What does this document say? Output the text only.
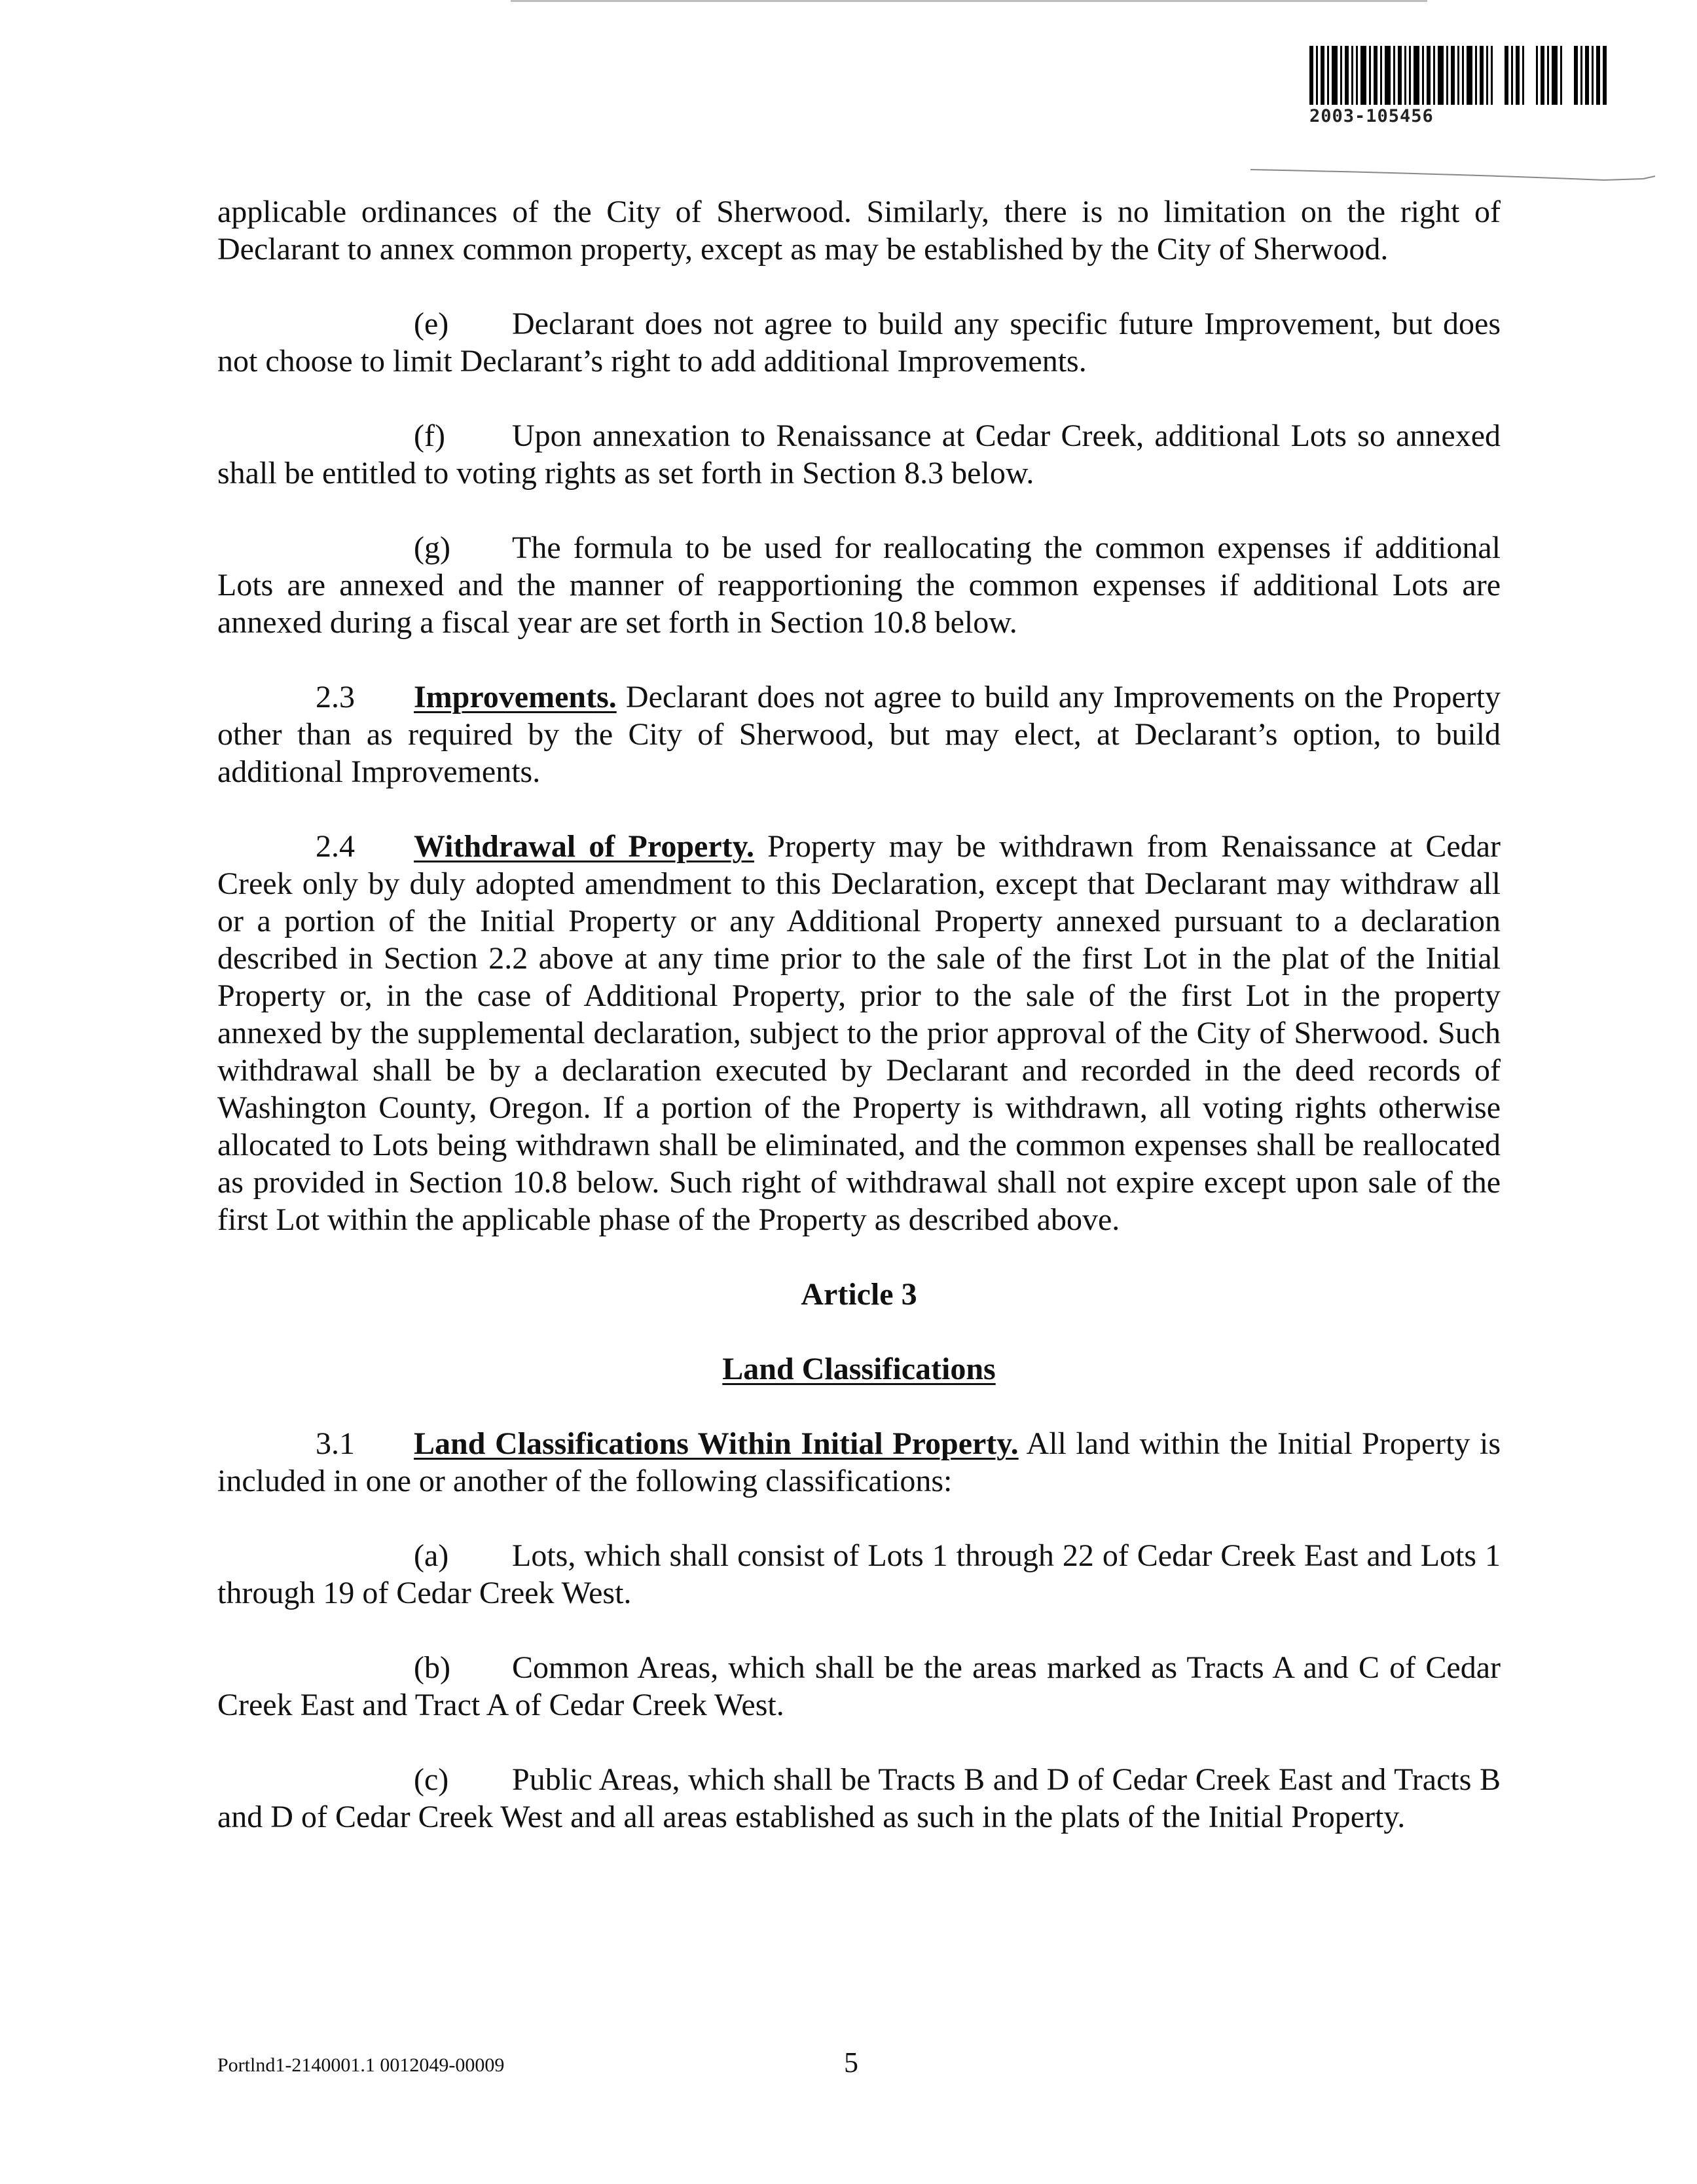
2003-105456

applicable ordinances of the City of Sherwood. Similarly, there is no limitation on the right of Declarant to annex common property, except as may be established by the City of Sherwood.

(e) Declarant does not agree to build any specific future Improvement, but does not choose to limit Declarant’s right to add additional Improvements.

(f) Upon annexation to Renaissance at Cedar Creek, additional Lots so annexed shall be entitled to voting rights as set forth in Section 8.3 below.

(g) The formula to be used for reallocating the common expenses if additional Lots are annexed and the manner of reapportioning the common expenses if additional Lots are annexed during a fiscal year are set forth in Section 10.8 below.

2.3 Improvements. Declarant does not agree to build any Improvements on the Property other than as required by the City of Sherwood, but may elect, at Declarant’s option, to build additional Improvements.

2.4 Withdrawal of Property. Property may be withdrawn from Renaissance at Cedar Creek only by duly adopted amendment to this Declaration, except that Declarant may withdraw all or a portion of the Initial Property or any Additional Property annexed pursuant to a declaration described in Section 2.2 above at any time prior to the sale of the first Lot in the plat of the Initial Property or, in the case of Additional Property, prior to the sale of the first Lot in the property annexed by the supplemental declaration, subject to the prior approval of the City of Sherwood. Such withdrawal shall be by a declaration executed by Declarant and recorded in the deed records of Washington County, Oregon. If a portion of the Property is withdrawn, all voting rights otherwise allocated to Lots being withdrawn shall be eliminated, and the common expenses shall be reallocated as provided in Section 10.8 below. Such right of withdrawal shall not expire except upon sale of the first Lot within the applicable phase of the Property as described above.

Article 3
Land Classifications

3.1 Land Classifications Within Initial Property. All land within the Initial Property is included in one or another of the following classifications:

(a) Lots, which shall consist of Lots 1 through 22 of Cedar Creek East and Lots 1 through 19 of Cedar Creek West.

(b) Common Areas, which shall be the areas marked as Tracts A and C of Cedar Creek East and Tract A of Cedar Creek West.

(c) Public Areas, which shall be Tracts B and D of Cedar Creek East and Tracts B and D of Cedar Creek West and all areas established as such in the plats of the Initial Property.

Portlnd1-2140001.1 0012049-00009	5
